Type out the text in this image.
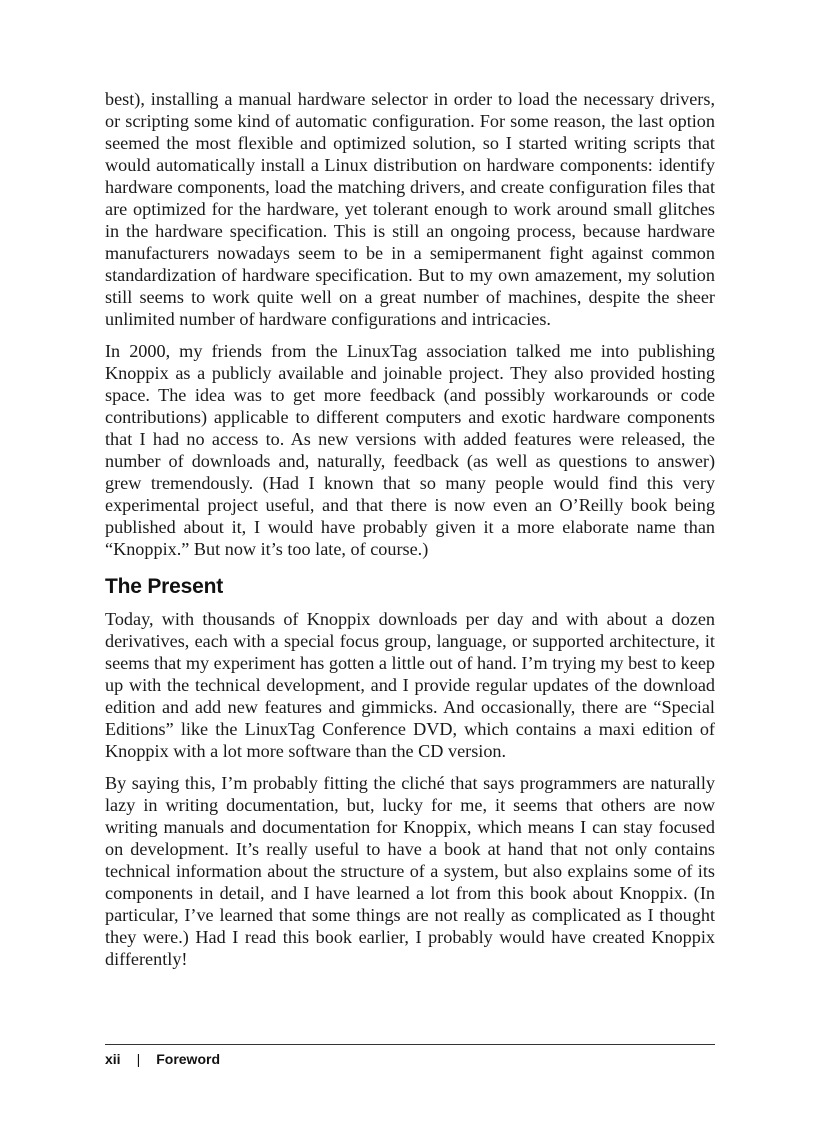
best), installing a manual hardware selector in order to load the necessary drivers, or scripting some kind of automatic configuration. For some reason, the last option seemed the most flexible and optimized solution, so I started writing scripts that would automatically install a Linux distribution on hardware components: identify hardware components, load the matching drivers, and create configuration files that are optimized for the hardware, yet tolerant enough to work around small glitches in the hardware specification. This is still an ongoing process, because hardware manufacturers nowadays seem to be in a semipermanent fight against common standardization of hardware specification. But to my own amazement, my solution still seems to work quite well on a great number of machines, despite the sheer unlimited number of hardware configurations and intricacies.

In 2000, my friends from the LinuxTag association talked me into publishing Knoppix as a publicly available and joinable project. They also provided hosting space. The idea was to get more feedback (and possibly workarounds or code contributions) applicable to different computers and exotic hardware components that I had no access to. As new versions with added features were released, the number of downloads and, naturally, feedback (as well as questions to answer) grew tremendously. (Had I known that so many people would find this very experimental project useful, and that there is now even an O’Reilly book being published about it, I would have probably given it a more elaborate name than “Knoppix.” But now it’s too late, of course.)

The Present

Today, with thousands of Knoppix downloads per day and with about a dozen derivatives, each with a special focus group, language, or supported architecture, it seems that my experiment has gotten a little out of hand. I’m trying my best to keep up with the technical development, and I provide regular updates of the download edition and add new features and gimmicks. And occasionally, there are “Special Editions” like the LinuxTag Conference DVD, which contains a maxi edition of Knoppix with a lot more software than the CD version.

By saying this, I’m probably fitting the cliché that says programmers are naturally lazy in writing documentation, but, lucky for me, it seems that others are now writing manuals and documentation for Knoppix, which means I can stay focused on development. It’s really useful to have a book at hand that not only contains technical information about the structure of a system, but also explains some of its components in detail, and I have learned a lot from this book about Knoppix. (In particular, I’ve learned that some things are not really as complicated as I thought they were.) Had I read this book earlier, I probably would have created Knoppix differently!

xii | Foreword
